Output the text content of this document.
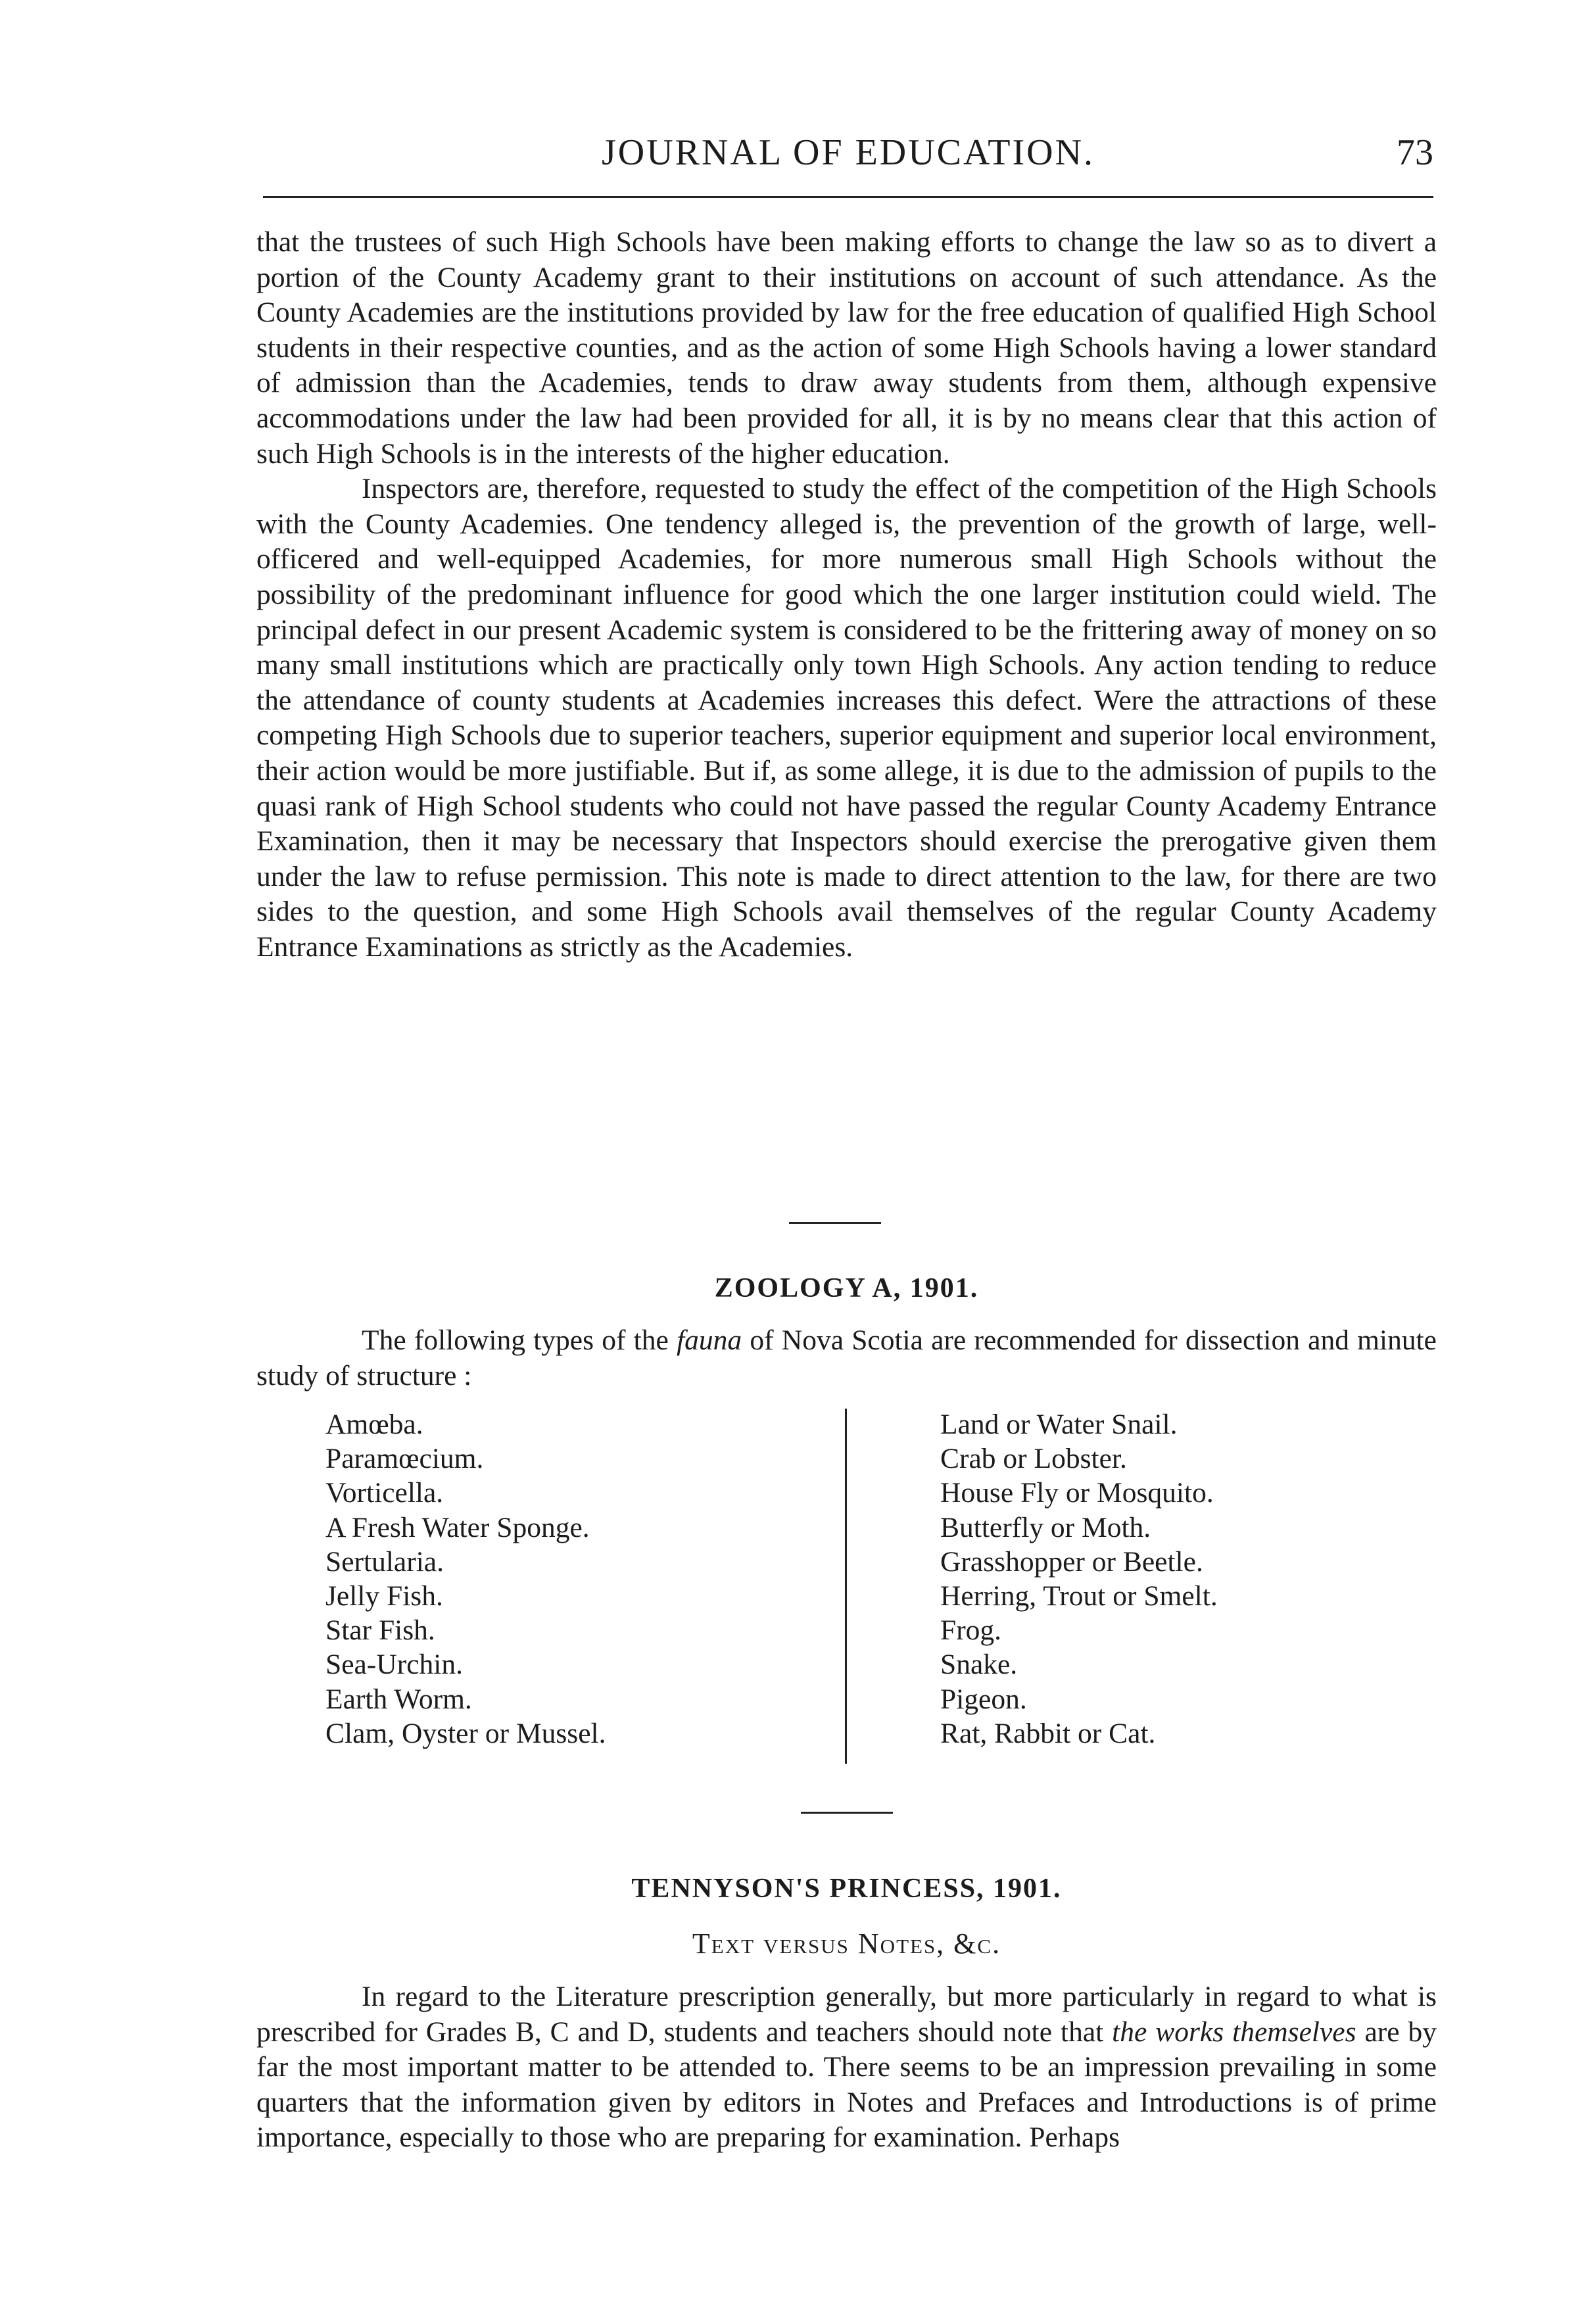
JOURNAL OF EDUCATION.	73

that the trustees of such High Schools have been making efforts to change the law so as to divert a portion of the County Academy grant to their institutions on account of such attendance. As the County Academies are the institutions provided by law for the free education of qualified High School students in their respective counties, and as the action of some High Schools having a lower standard of admission than the Academies, tends to draw away students from them, although expensive accommodations under the law had been provided for all, it is by no means clear that this action of such High Schools is in the interests of the higher education.

Inspectors are, therefore, requested to study the effect of the competition of the High Schools with the County Academies. One tendency alleged is, the prevention of the growth of large, well-officered and well-equipped Academies, for more numerous small High Schools without the possibility of the predominant influence for good which the one larger institution could wield. The principal defect in our present Academic system is considered to be the frittering away of money on so many small institutions which are practically only town High Schools. Any action tending to reduce the attendance of county students at Academies increases this defect. Were the attractions of these competing High Schools due to superior teachers, superior equipment and superior local environment, their action would be more justifiable. But if, as some allege, it is due to the admission of pupils to the quasi rank of High School students who could not have passed the regular County Academy Entrance Examination, then it may be necessary that Inspectors should exercise the prerogative given them under the law to refuse permission. This note is made to direct attention to the law, for there are two sides to the question, and some High Schools avail themselves of the regular County Academy Entrance Examinations as strictly as the Academies.

ZOOLOGY A, 1901.

The following types of the fauna of Nova Scotia are recommended for dissection and minute study of structure :

Amœba.
Paramœcium.
Vorticella.
A Fresh Water Sponge.
Sertularia.
Jelly Fish.
Star Fish.
Sea-Urchin.
Earth Worm.
Clam, Oyster or Mussel.
Land or Water Snail.
Crab or Lobster.
House Fly or Mosquito.
Butterfly or Moth.
Grasshopper or Beetle.
Herring, Trout or Smelt.
Frog.
Snake.
Pigeon.
Rat, Rabbit or Cat.
TENNYSON'S PRINCESS, 1901.
Text versus Notes, &c.

In regard to the Literature prescription generally, but more particularly in regard to what is prescribed for Grades B, C and D, students and teachers should note that the works themselves are by far the most important matter to be attended to. There seems to be an impression prevailing in some quarters that the information given by editors in Notes and Prefaces and Introductions is of prime importance, especially to those who are preparing for examination. Perhaps
